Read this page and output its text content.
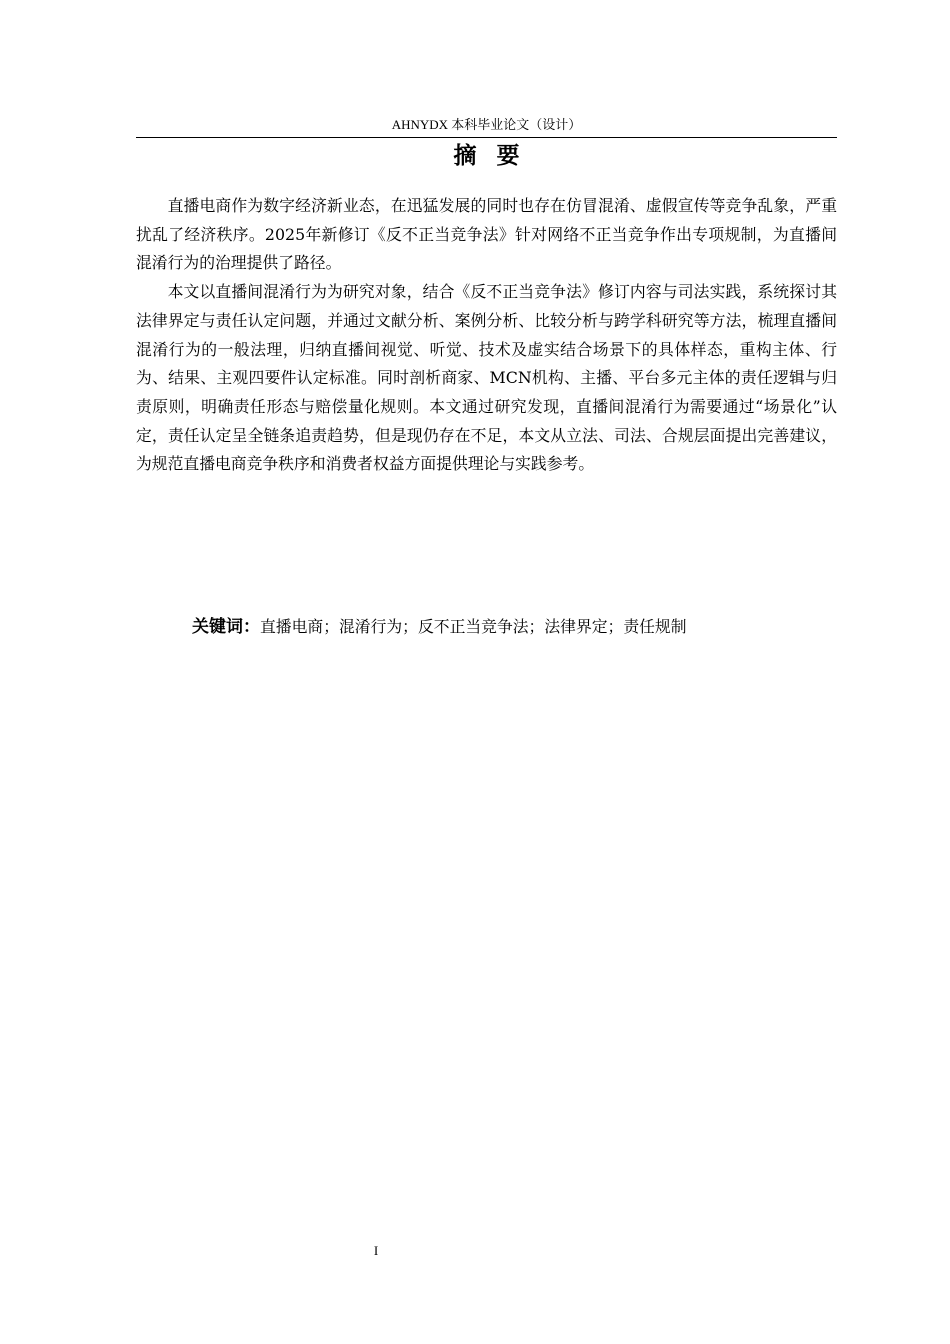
AHNYDX 本科毕业论文（设计）
摘要

直播电商作为数字经济新业态，在迅猛发展的同时也存在仿冒混淆、虚假宣传等竞争乱象，严重扰乱了经济秩序。2025年新修订《反不正当竞争法》针对网络不正当竞争作出专项规制，为直播间混淆行为的治理提供了路径。

本文以直播间混淆行为为研究对象，结合《反不正当竞争法》修订内容与司法实践，系统探讨其法律界定与责任认定问题，并通过文献分析、案例分析、比较分析与跨学科研究等方法，梳理直播间混淆行为的一般法理，归纳直播间视觉、听觉、技术及虚实结合场景下的具体样态，重构主体、行为、结果、主观四要件认定标准。同时剖析商家、MCN机构、主播、平台多元主体的责任逻辑与归责原则，明确责任形态与赔偿量化规则。本文通过研究发现，直播间混淆行为需要通过“场景化”认定，责任认定呈全链条追责趋势，但是现仍存在不足，本文从立法、司法、合规层面提出完善建议，为规范直播电商竞争秩序和消费者权益方面提供理论与实践参考。

关键词：直播电商；混淆行为；反不正当竞争法；法律界定；责任规制
I
